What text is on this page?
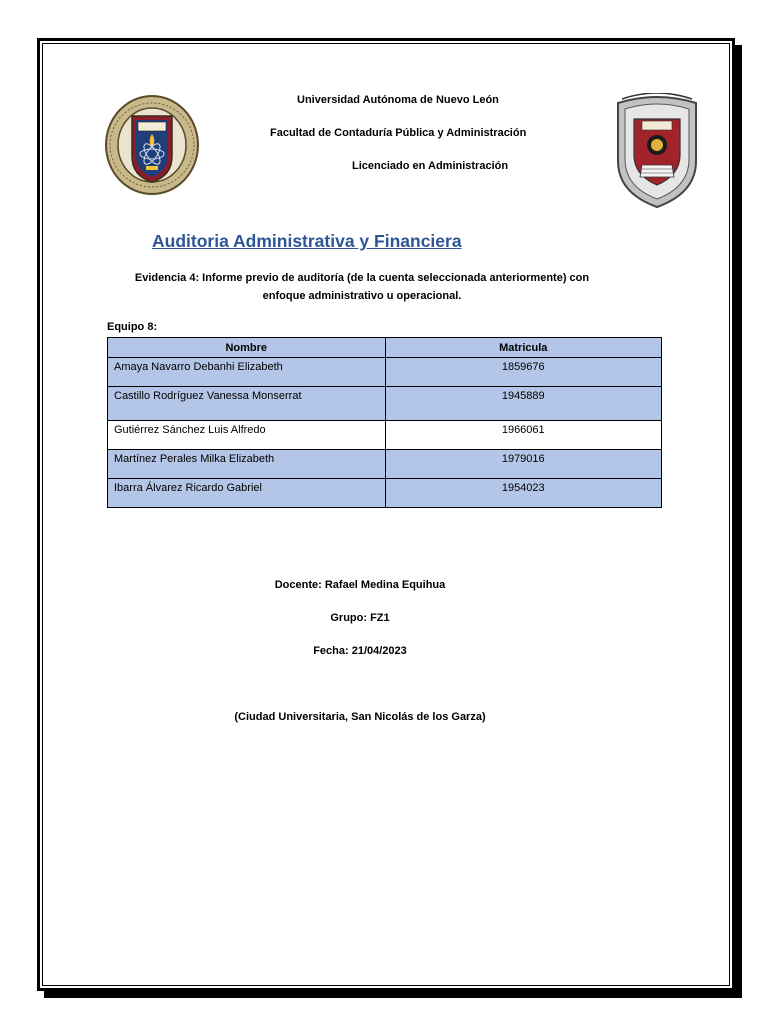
Universidad Autónoma de Nuevo León
Facultad de Contaduría Pública y Administración
Licenciado en Administración
Auditoria Administrativa y Financiera
Evidencia 4: Informe previo de auditoría (de la cuenta seleccionada anteriormente) con
enfoque administrativo u operacional.
Equipo 8:
Nombre	Matricula
Amaya Navarro Debanhi Elizabeth	1859676
Castillo Rodríguez Vanessa Monserrat	1945889
Gutiérrez Sánchez Luis Alfredo	1966061
Martínez Perales Milka Elizabeth	1979016
Ibarra Álvarez Ricardo Gabriel	1954023
Docente: Rafael Medina Equihua
Grupo: FZ1
Fecha: 21/04/2023
(Ciudad Universitaria, San Nicolás de los Garza)
